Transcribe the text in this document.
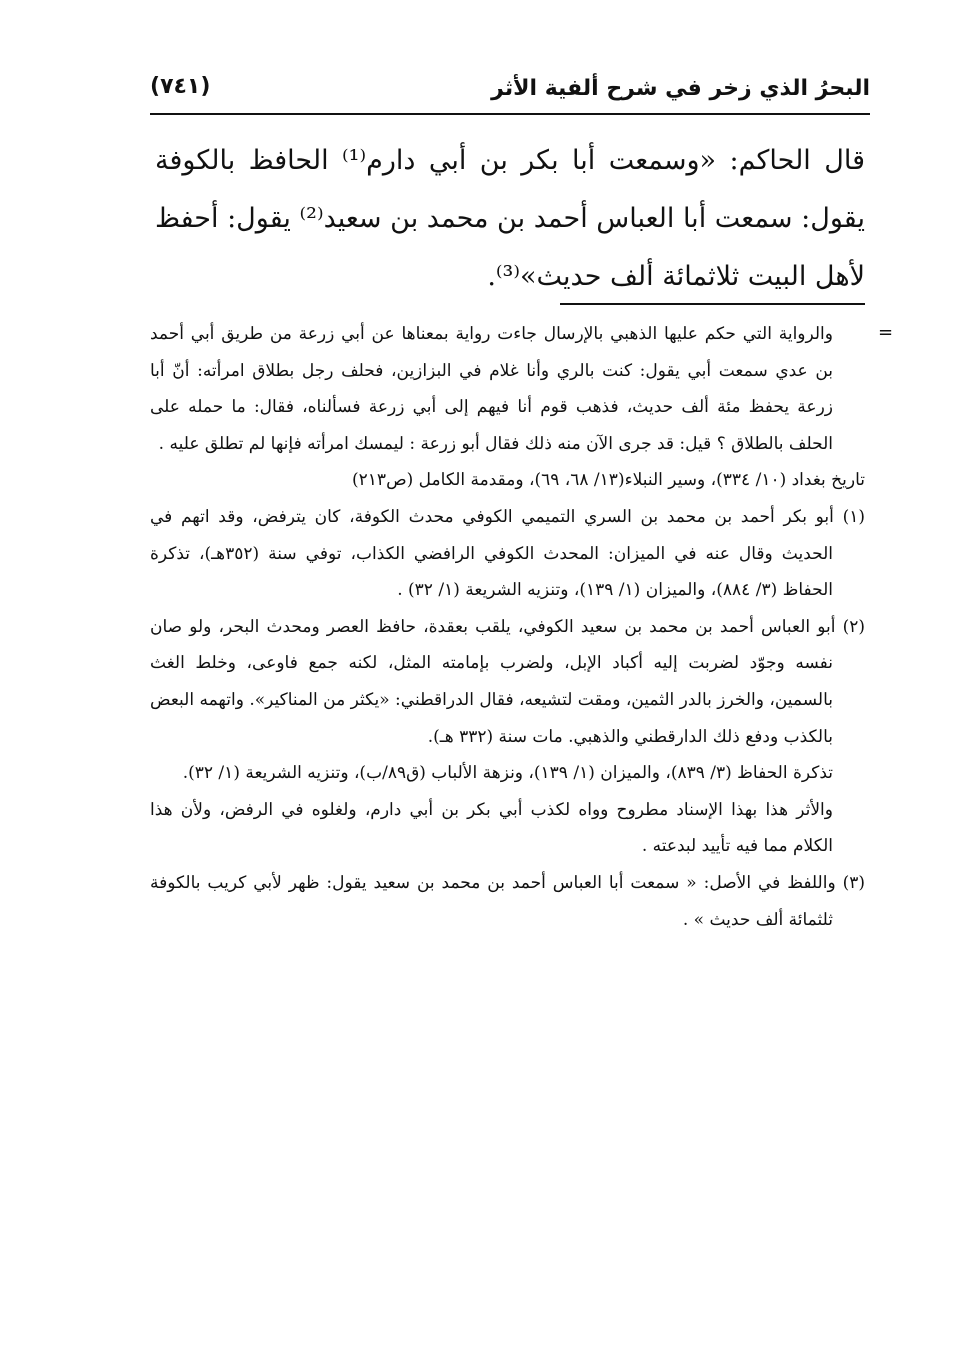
البحرُ الذي زخر في شرح ألفية الأثر
(٧٤١)

قال الحاكم: «وسمعت أبا بكر بن أبي دارم⁽¹⁾ الحافظ بالكوفة يقول: سمعت أبا العباس أحمد بن محمد بن سعيد⁽²⁾ يقول: أحفظ لأهل البيت ثلاثمائة ألف حديث»⁽³⁾.

=

والرواية التي حكم عليها الذهبي بالإرسال جاءت رواية بمعناها عن أبي زرعة من طريق أبي أحمد بن عدي سمعت أبي يقول: كنت بالري وأنا غلام في البزازين، فحلف رجل بطلاق امرأته: أنّ أبا زرعة يحفظ مئة ألف حديث، فذهب قوم أنا فيهم إلى أبي زرعة فسألناه، فقال: ما حمله على الحلف بالطلاق ؟ قيل: قد جرى الآن منه ذلك فقال أبو زرعة : ليمسك امرأته فإنها لم تطلق عليه .

تاريخ بغداد (١٠/ ٣٣٤)، وسير النبلاء(١٣/ ٦٨، ٦٩)، ومقدمة الكامل (ص٢١٣)

(١) أبو بكر أحمد بن محمد بن السري التميمي الكوفي محدث الكوفة، كان يترفض، وقد اتهم في الحديث وقال عنه في الميزان: المحدث الكوفي الرافضي الكذاب، توفي سنة (٣٥٢هـ)، تذكرة الحفاظ (٣/ ٨٨٤)، والميزان (١/ ١٣٩)، وتنزيه الشريعة (١/ ٣٢) .

(٢) أبو العباس أحمد بن محمد بن سعيد الكوفي، يلقب بعقدة، حافظ العصر ومحدث البحر، ولو صان نفسه وجوّد لضربت إليه أكباد الإبل، ولضرب بإمامته المثل، لكنه جمع فاوعى، وخلط الغث بالسمين، والخرز بالدر الثمين، ومقت لتشيعه، فقال الدراقطني: «يكثر من المناكير». واتهمه البعض بالكذب ودفع ذلك الدارقطني والذهبي. مات سنة (٣٣٢ هـ).

تذكرة الحفاظ (٣/ ٨٣٩)، والميزان (١/ ١٣٩)، ونزهة الألباب (ق٨٩/ب)، وتنزيه الشريعة (١/ ٣٢).

والأثر هذا بهذا الإسناد مطروح وواه لكذب أبي بكر بن أبي دارم، ولغلوه في الرفض، ولأن هذا الكلام مما فيه تأييد لبدعته .

(٣) واللفظ في الأصل: « سمعت أبا العباس أحمد بن محمد بن سعيد يقول: ظهر لأبي كريب بالكوفة ثلثمائة ألف حديث » .
